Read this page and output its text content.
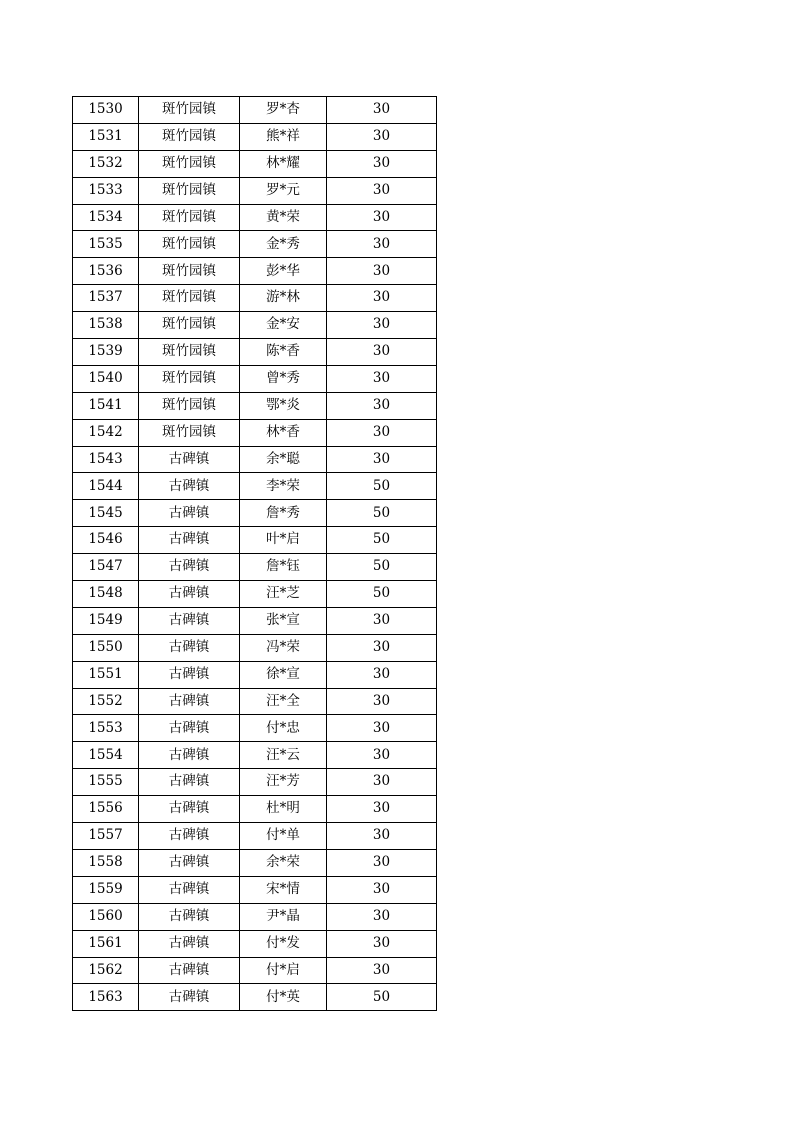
1530	斑竹园镇	罗*杏	30
1531	斑竹园镇	熊*祥	30
1532	斑竹园镇	林*耀	30
1533	斑竹园镇	罗*元	30
1534	斑竹园镇	黄*荣	30
1535	斑竹园镇	金*秀	30
1536	斑竹园镇	彭*华	30
1537	斑竹园镇	游*林	30
1538	斑竹园镇	金*安	30
1539	斑竹园镇	陈*香	30
1540	斑竹园镇	曾*秀	30
1541	斑竹园镇	鄂*炎	30
1542	斑竹园镇	林*香	30
1543	古碑镇	余*聪	30
1544	古碑镇	李*荣	50
1545	古碑镇	詹*秀	50
1546	古碑镇	叶*启	50
1547	古碑镇	詹*钰	50
1548	古碑镇	汪*芝	50
1549	古碑镇	张*宣	30
1550	古碑镇	冯*荣	30
1551	古碑镇	徐*宣	30
1552	古碑镇	汪*全	30
1553	古碑镇	付*忠	30
1554	古碑镇	汪*云	30
1555	古碑镇	汪*芳	30
1556	古碑镇	杜*明	30
1557	古碑镇	付*单	30
1558	古碑镇	余*荣	30
1559	古碑镇	宋*情	30
1560	古碑镇	尹*晶	30
1561	古碑镇	付*发	30
1562	古碑镇	付*启	30
1563	古碑镇	付*英	50
